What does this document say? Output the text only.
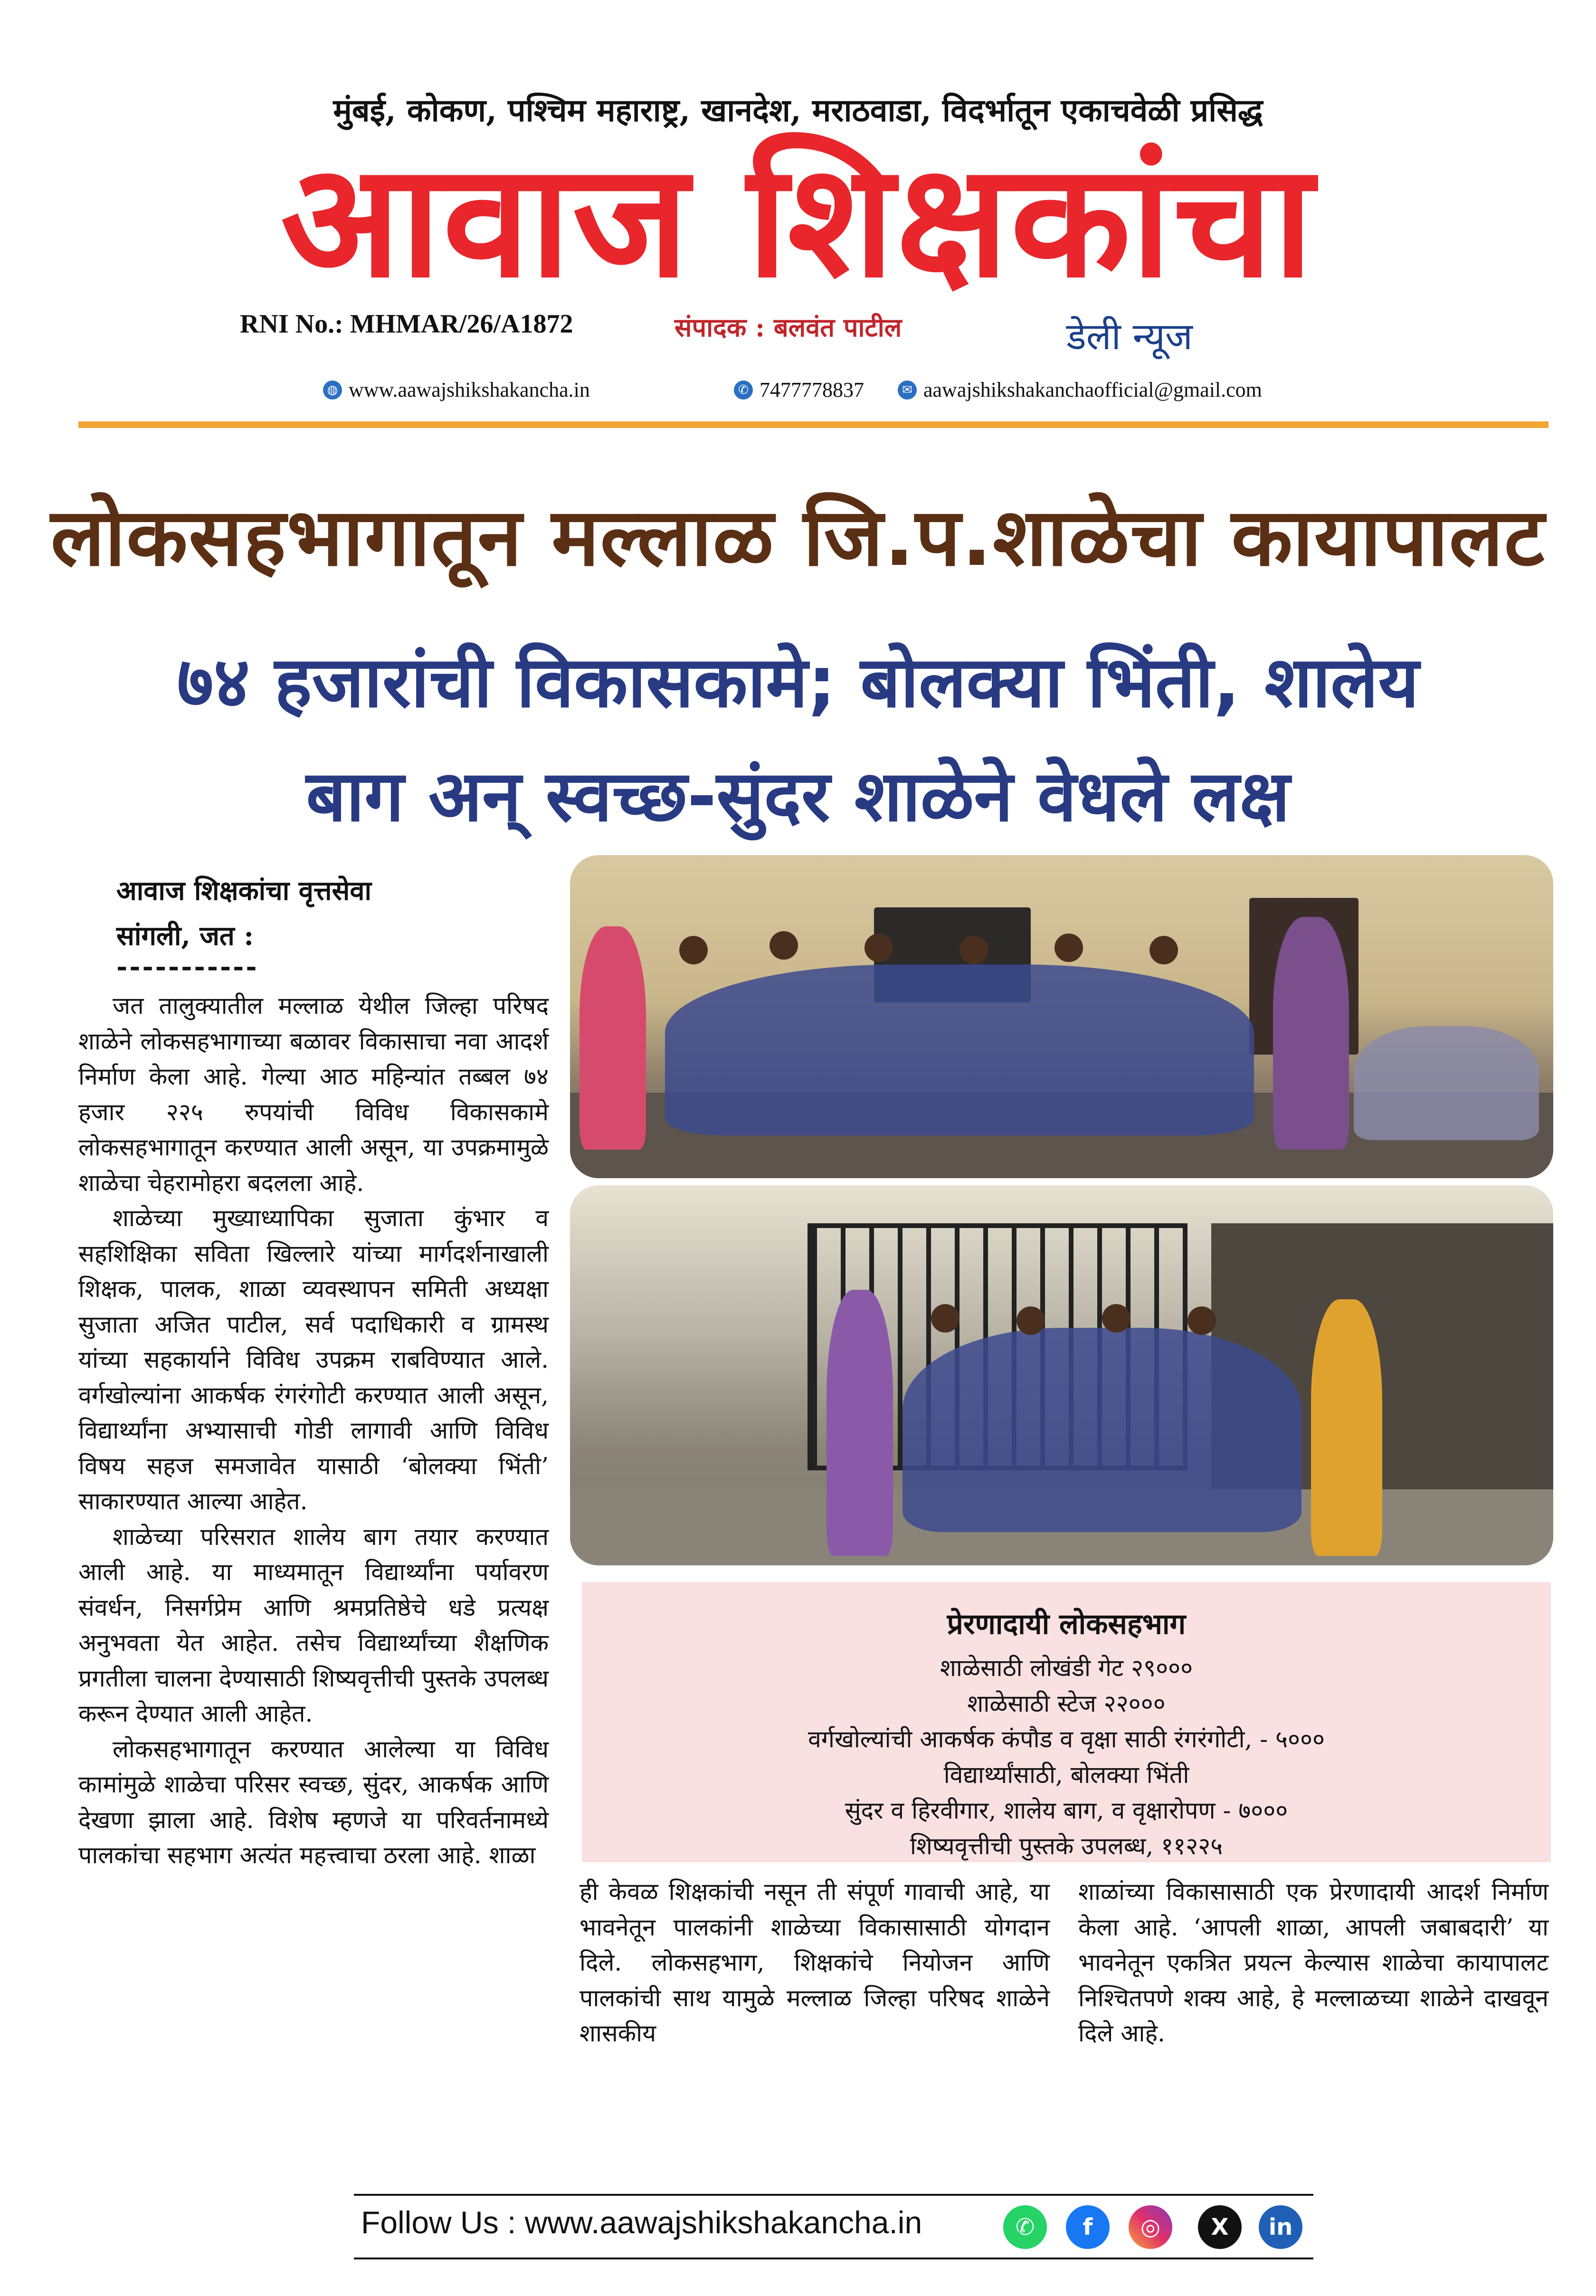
मुंबई, कोकण, पश्चिम महाराष्ट्र, खानदेश, मराठवाडा, विदर्भातून एकाचवेळी प्रसिद्ध
आवाज शिक्षकांचा
RNI No.: MHMAR/26/A1872	संपादक : बलवंत पाटील	डेली न्यूज
◍ www.aawajshikshakancha.in	✆ 7477778837	✉ aawajshikshakanchaofficial@gmail.com
लोकसहभागातून मल्लाळ जि.प.शाळेचा कायापालट
७४ हजारांची विकासकामे; बोलक्या भिंती, शालेय
बाग अन् स्वच्छ-सुंदर शाळेने वेधले लक्ष
आवाज शिक्षकांचा वृत्तसेवा
सांगली, जत :
-----------

जत तालुक्यातील मल्लाळ येथील जिल्हा परिषद शाळेने लोकसहभागाच्या बळावर विकासाचा नवा आदर्श निर्माण केला आहे. गेल्या आठ महिन्यांत तब्बल ७४ हजार २२५ रुपयांची विविध विकासकामे लोकसहभागातून करण्यात आली असून, या उपक्रमामुळे शाळेचा चेहरामोहरा बदलला आहे.

शाळेच्या मुख्याध्यापिका सुजाता कुंभार व सहशिक्षिका सविता खिल्लारे यांच्या मार्गदर्शनाखाली शिक्षक, पालक, शाळा व्यवस्थापन समिती अध्यक्षा सुजाता अजित पाटील, सर्व पदाधिकारी व ग्रामस्थ यांच्या सहकार्याने विविध उपक्रम राबविण्यात आले. वर्गखोल्यांना आकर्षक रंगरंगोटी करण्यात आली असून, विद्यार्थ्यांना अभ्यासाची गोडी लागावी आणि विविध विषय सहज समजावेत यासाठी ‘बोलक्या भिंती’ साकारण्यात आल्या आहेत.

शाळेच्या परिसरात शालेय बाग तयार करण्यात आली आहे. या माध्यमातून विद्यार्थ्यांना पर्यावरण संवर्धन, निसर्गप्रेम आणि श्रमप्रतिष्ठेचे धडे प्रत्यक्ष अनुभवता येत आहेत. तसेच विद्यार्थ्यांच्या शैक्षणिक प्रगतीला चालना देण्यासाठी शिष्यवृत्तीची पुस्तके उपलब्ध करून देण्यात आली आहेत.

लोकसहभागातून करण्यात आलेल्या या विविध कामांमुळे शाळेचा परिसर स्वच्छ, सुंदर, आकर्षक आणि देखणा झाला आहे. विशेष म्हणजे या परिवर्तनामध्ये पालकांचा सहभाग अत्यंत महत्त्वाचा ठरला आहे. शाळा

प्रेरणादायी लोकसहभाग
शाळेसाठी लोखंडी गेट २९०००
शाळेसाठी स्टेज २२०००
वर्गखोल्यांची आकर्षक कंपौड व वृक्षा साठी रंगरंगोटी, - ५०००
विद्यार्थ्यांसाठी, बोलक्या भिंती
सुंदर व हिरवीगार, शालेय बाग, व वृक्षारोपण - ७०००
शिष्यवृत्तीची पुस्तके उपलब्ध, ११२२५

ही केवळ शिक्षकांची नसून ती संपूर्ण गावाची आहे, या भावनेतून पालकांनी शाळेच्या विकासासाठी योगदान दिले. लोकसहभाग, शिक्षकांचे नियोजन आणि पालकांची साथ यामुळे मल्लाळ जिल्हा परिषद शाळेने शासकीय

शाळांच्या विकासासाठी एक प्रेरणादायी आदर्श निर्माण केला आहे. ‘आपली शाळा, आपली जबाबदारी’ या भावनेतून एकत्रित प्रयत्न केल्यास शाळेचा कायापालट निश्चितपणे शक्य आहे, हे मल्लाळच्या शाळेने दाखवून दिले आहे.

Follow Us : www.aawajshikshakancha.in	✆	f	◎	X	in
